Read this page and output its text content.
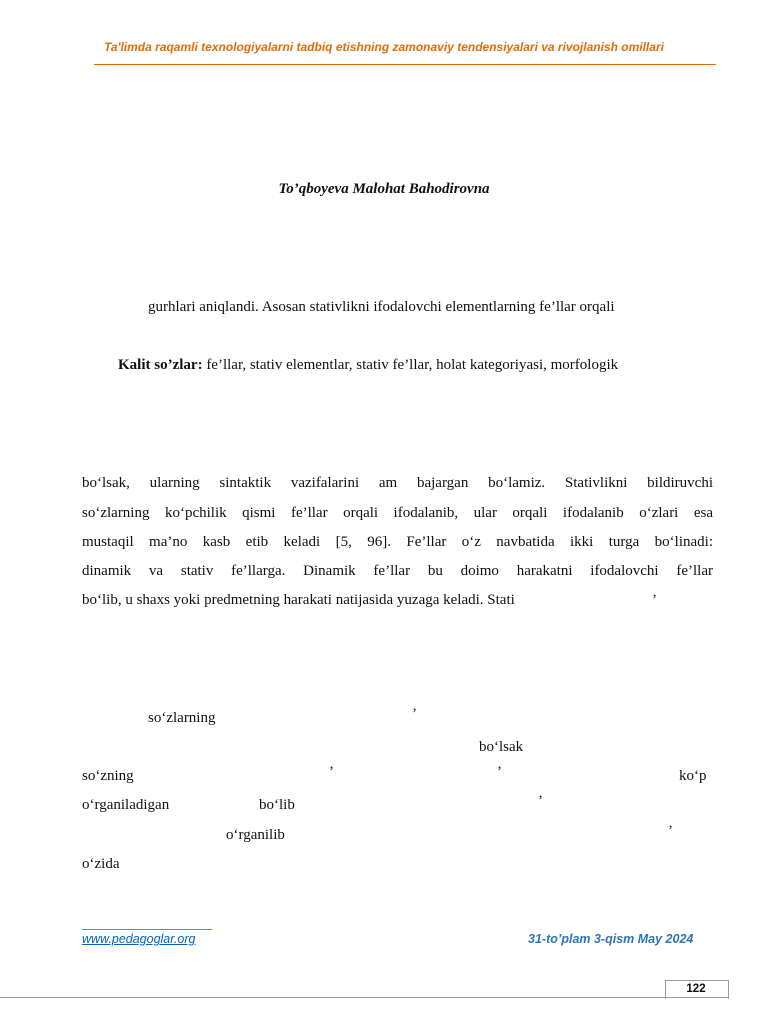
Ta'limda raqamli texnologiyalarni tadbiq etishning zamonaviy tendensiyalari va rivojlanish omillari
To’qboyeva Malohat Bahodirovna
gurhlari aniqlandi. Asosan stativlikni ifodalovchi elementlarning fe’llar orqali
Kalit so’zlar: fe’llar, stativ elementlar, stativ fe’llar, holat kategoriyasi, morfologik
bo‘lsak, ularning sintaktik vazifalarini am bajargan bo‘lamiz. Stativlikni bildiruvchi
so‘zlarning ko‘pchilik qismi fe’llar orqali ifodalanib, ular orqali ifodalanib o‘zlari esa
mustaqil ma’no kasb etib keladi [5, 96]. Fe’llar o‘z navbatida ikki turga bo‘linadi:
dinamik va stativ fe’llarga. Dinamik fe’llar bu doimo harakatni ifodalovchi fe’llar
bo‘lib, u shaxs yoki predmetning harakati natijasida yuzaga keladi. Stati	’
so‘zlarning	’
bo‘lsak
so‘zning	’	’	ko‘p
o‘rganiladigan	bo‘lib	’
o‘rganilib	’
o‘zida
www.pedagoglar.org	31-to’plam 3-qism May 2024
122
